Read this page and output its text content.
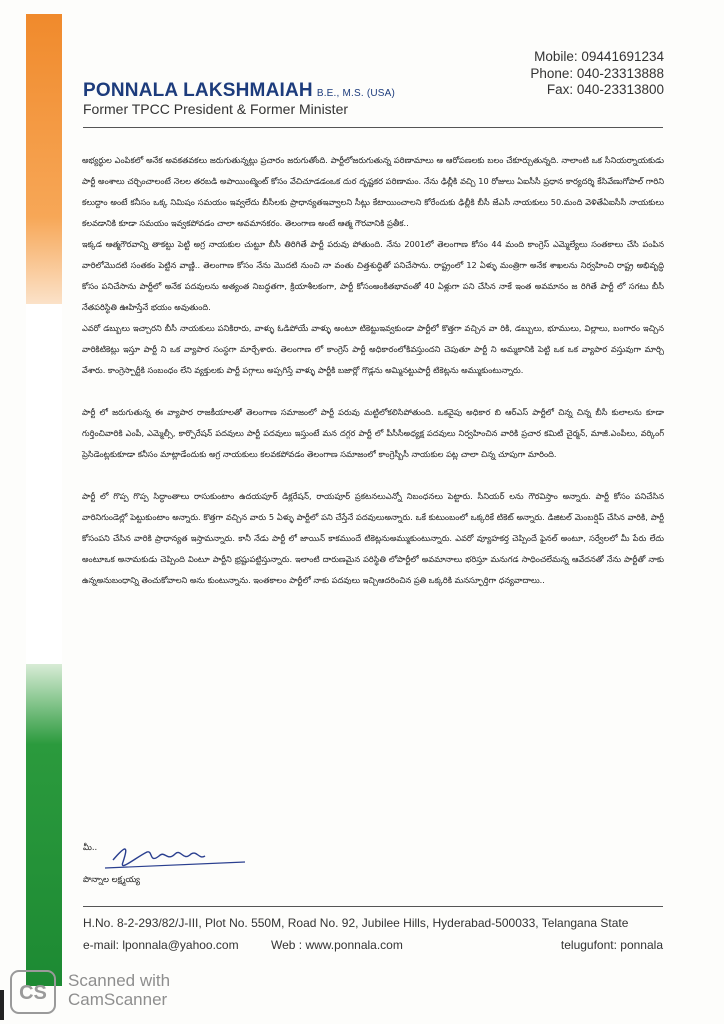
PONNALA LAKSHMAIAH B.E., M.S. (USA)
Former TPCC President & Former Minister
Mobile: 09441691234
Phone: 040-23313888
Fax: 040-23313800

అభ్యర్థుల ఎంపికలో అనేక అవకతవకలు జరుగుతున్నట్లు ప్రచారం జరుగుతోంది. పార్టీలోజరుగుతున్న పరిణామాలు ఆ ఆరోపణలకు బలం చేకూర్చుతున్నది. నాలాంటి ఒక సీనియర్నాయకుడు పార్టీ అంశాలు చర్చించాలంటే నెలల తరబడి అపాయింట్మెంట్ కోసం వేచిచూడడంఒక దుర దృష్టకర పరిణామం. నేను ఢిల్లీకి వచ్చి 10 రోజులు ఏఐసీసీ ప్రధాన కార్యదర్శి కేసివేణుగోపాల్ గారిని కలుద్దాం అంటే కనీసం ఒక్క నిమిషం సమయం ఇవ్వలేదు బీసీలకు ప్రాధాన్యతఇవ్వాలని సీట్లు కేటాయించాలని కోరేందుకు ఢిల్లీకి బీసీ జేఎసీ నాయకులు 50.మంది వెళితేఏఐసీసీ నాయకులు కలవడానికి కూడా సమయం ఇవ్వకపోవడం చాలా అవమానకరం. తెలంగాణ అంటే ఆత్మ గౌరవానికి ప్రతీక..

ఇక్కడ ఆత్మగౌరవాన్ని తాకట్టు పెట్టి అగ్ర నాయకుల చుట్టూ బీసీ తిరిగితే పార్టీ పరువు పోతుంది. నేను 2001లో తెలంగాణ కోసం 44 మంది కాంగ్రెస్ ఎమ్మెల్యేలు సంతకాలు చేసి పంపిన వారిలోమొదటి సంతకం పెట్టిన వాణ్ణి.. తెలంగాణ కోసం నేను మొదటి నుంచి నా వంతు చిత్తశుద్ధితో పనిచేసాను. రాష్ట్రంలో 12 ఏళ్ళు మంత్రిగా అనేక శాఖలను నిర్వహించి రాష్ట్ర అభివృద్ధి కోసం పనిచేసాను పార్టీలో అనేక పదవులను అత్యంత నిబద్ధతగా, క్రియాశీలకంగా, పార్టీ కోసంఅంకితభావంతో 40 ఏళ్లుగా పని చేసిన నాకే ఇంత అవమానం జ రిగితే పార్టీ లో సగటు బీసీ నేతపరిస్థితి ఊహిస్తేనే భయం అవుతుంది.

ఎవరో డబ్బులు ఇచ్చారని బీసీ నాయకులు పనికిరారు, వాళ్ళు ఓడిపోయే వాళ్ళు అంటూ టికెట్టుఇవ్వకుండా పార్టీలో కొత్తగా వచ్చిన వా రికి, డబ్బులు, భూములు, విల్లాలు, బంగారం ఇచ్చిన వారికిటికెట్లు ఇస్తూ పార్టీ ని ఒక వ్యాపార సంస్థగా మార్చేశారు. తెలంగాణ లో కాంగ్రెస్ పార్టీ అధికారంలోకివస్తుందని చెపుతూ పార్టీ ని అమ్మకానికి పెట్టి ఒక ఒక వ్యాపార వస్తువుగా మార్చి వేశారు. కాంగ్రెస్పార్టీకి సంబంధం లేని వ్యక్తులకు పార్టీ పగ్గాలు అప్పగిస్తే వాళ్ళు పార్టీకి బజార్లో గొడ్లను అమ్మినట్టుపార్టీ టికెట్లను అమ్ముకుంటున్నారు.

పార్టీ లో జరుగుతున్న ఈ వ్యాపార రాజకీయాలతో తెలంగాణ సమాజంలో పార్టీ పరువు మట్టిలోకలిసిపోతుంది. ఒకవైపు అధికార బి ఆర్ఎస్ పార్టీలో చిన్న చిన్న బీసీ కులాలను కూడా గుర్తించివారికి ఎంపీ, ఎమ్మెల్సీ, కార్పొరేషన్ పదవులు పార్టీ పదవులు ఇస్తుంటే మన దగ్గర పార్టీ లో పీసీసీఅధ్యక్ష పదవులు నిర్వహించిన వారికి ప్రచార కమిటీ చైర్మన్, మాజీ.ఎంపీలు, వర్కింగ్ ప్రెసిడెంట్లకుకూడా కనీసం మాట్లాడేందుకు అగ్ర నాయకులు కలవకపోవడం తెలంగాణ సమాజంలో కాంగ్రెస్బీసీ నాయకుల పట్ల చాలా చిన్న చూపుగా మారింది.

పార్టీ లో గొప్ప గొప్ప సిద్ధాంతాలు రాసుకుంటాం ఉదయపూర్ డిక్లరేషన్, రాయపూర్ ప్రకటనలుఎన్నో నిబంధనలు పెట్టారు. సీనియర్ లను గౌరవిస్తాం అన్నారు. పార్టీ కోసం పనిచేసిన వారినిగుండెల్లో పెట్టుకుంటాం అన్నారు. కొత్తగా వచ్చిన వారు 5 ఏళ్ళు పార్టీలో పని చేస్తేనే పదవులుఅన్నారు. ఒకే కుటుంబంలో ఒక్కరికే టికెట్ అన్నారు. డిజిటల్ మెంబర్షిప్ చేసిన వారికి, పార్టీ కోసంపని చేసిన వారికి ప్రాధాన్యత ఇస్తామన్నారు. కానీ నేడు పార్టీ లో జాయిన్ కాకముందే టికెట్లనుఅమ్ముకుంటున్నారు. ఎవరో వ్యూహకర్త చెప్పిందే ఫైనల్ అంటూ, సర్వేలలో మీ పేరు లేదు అంటూఒక అనామకుడు చెప్పింది వింటూ పార్టీని భ్రష్టుపట్టిస్తున్నారు. ఇలాంటి దారుణమైన పరిస్థితి లోపార్టీలో అవమానాలు భరిస్తూ మనుగడ సాధించలేమన్న ఆవేదనతో నేను పార్టీతో నాకు ఉన్నఅనుబంధాన్ని తెంచుకోవాలని అను కుంటున్నాను. ఇంతకాలం పార్టీలో నాకు పదవులు ఇచ్చిఆదరించిన ప్రతి ఒక్కరికి మనస్ఫూర్తిగా ధన్యవాదాలు..

మీ..
పొన్నాల లక్ష్మయ్య
H.No. 8-2-293/82/J-III, Plot No. 550M, Road No. 92, Jubilee Hills, Hyderabad-500033, Telangana State
e-mail: lponnala@yahoo.com	Web : www.ponnala.com	telugufont: ponnala
CS
Scanned with
CamScanner
